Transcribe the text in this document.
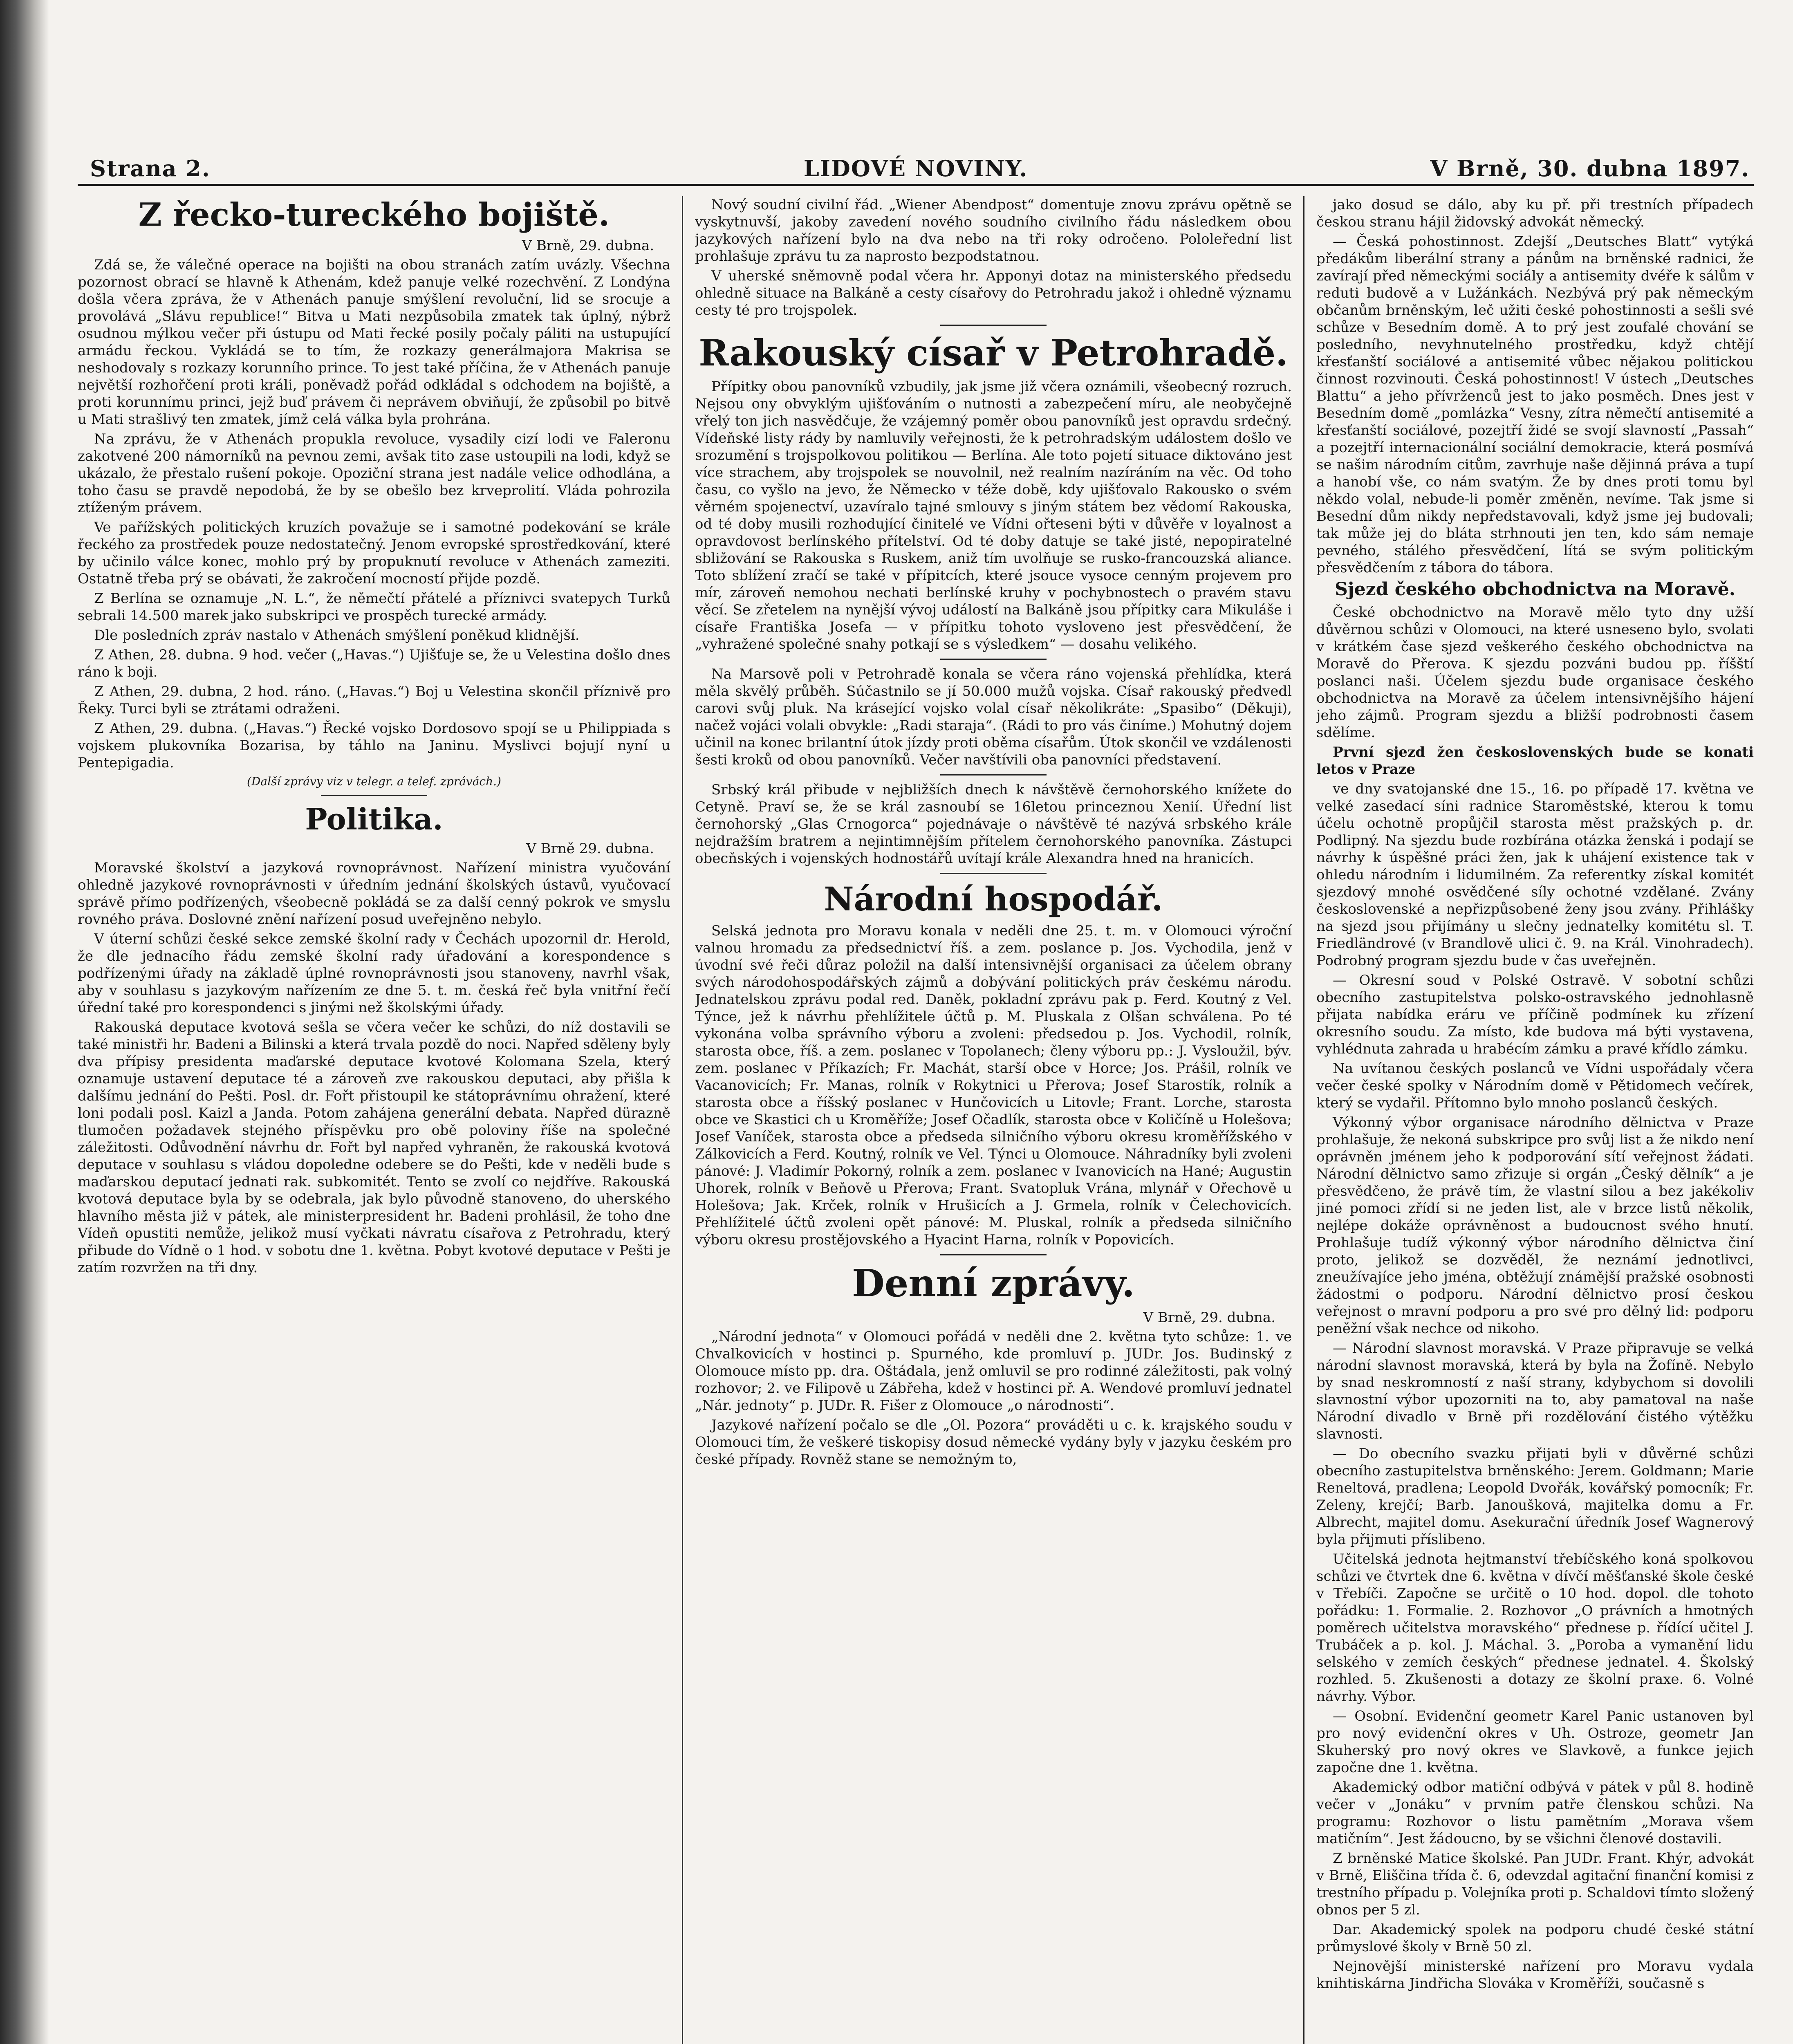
Strana 2.	LIDOVÉ NOVINY.	V Brně, 30. dubna 1897.
Z řecko-tureckého bojiště.
V Brně, 29. dubna.

Zdá se, že válečné operace na bojišti na obou stranách zatím uvázly. Všechna pozornost obrací se hlavně k Athenám, kdež panuje velké rozechvění. Z Londýna došla včera zpráva, že v Athenách panuje smýšlení revoluční, lid se srocuje a provolává „Slávu republice!“ Bitva u Mati nezpůsobila zmatek tak úplný, nýbrž osudnou mýlkou večer při ústupu od Mati řecké posily počaly páliti na ustupující armádu řeckou. Vykládá se to tím, že rozkazy generálmajora Makrisa se neshodovaly s rozkazy korunního prince. To jest také příčina, že v Athenách panuje největší rozhořčení proti králi, poněvadž pořád odkládal s odchodem na bojiště, a proti korunnímu princi, jejž buď právem či neprávem obviňují, že způsobil po bitvě u Mati strašlivý ten zmatek, jímž celá válka byla prohrána.

Na zprávu, že v Athenách propukla revoluce, vysadily cizí lodi ve Faleronu zakotvené 200 námorníků na pevnou zemi, avšak tito zase ustoupili na lodi, když se ukázalo, že přestalo rušení pokoje. Opoziční strana jest nadále velice odhodlána, a toho času se pravdě nepodobá, že by se obešlo bez krveprolití. Vláda pohrozila ztíženým právem.

Ve pařížských politických kruzích považuje se i samotné podekování se krále řeckého za prostředek pouze nedostatečný. Jenom evropské sprostředkování, které by učinilo válce konec, mohlo prý by propuknutí revoluce v Athenách zameziti. Ostatně třeba prý se obávati, že zakročení mocností přijde pozdě.

Z Berlína se oznamuje „N. L.“, že němečtí přátelé a příznivci svatepych Turků sebrali 14.500 marek jako subskripci ve prospěch turecké armády.

Dle posledních zpráv nastalo v Athenách smýšlení poněkud klidnější.

Z Athen, 28. dubna. 9 hod. večer („Havas.“) Ujišťuje se, že u Velestina došlo dnes ráno k boji.

Z Athen, 29. dubna, 2 hod. ráno. („Havas.“) Boj u Velestina skončil příznivě pro Řeky. Turci byli se ztrátami odraženi.

Z Athen, 29. dubna. („Havas.“) Řecké vojsko Dordosovo spojí se u Philippiada s vojskem plukovníka Bozarisa, by táhlo na Janinu. Myslivci bojují nyní u Pentepigadia.

(Další zprávy viz v telegr. a telef. zprávách.)
Politika.
V Brně 29. dubna.

Moravské školství a jazyková rovnoprávnost. Nařízení ministra vyučování ohledně jazykové rovnoprávnosti v úředním jednání školských ústavů, vyučovací správě přímo podřízených, všeobecně pokládá se za další cenný pokrok ve smyslu rovného práva. Doslovné znění nařízení posud uveřejněno nebylo.

V úterní schůzi české sekce zemské školní rady v Čechách upozornil dr. Herold, že dle jednacího řádu zemské školní rady úřadování a korespondence s podřízenými úřady na základě úplné rovnoprávnosti jsou stanoveny, navrhl však, aby v souhlasu s jazykovým nařízením ze dne 5. t. m. česká řeč byla vnitřní řečí úřední také pro korespondenci s jinými než školskými úřady.

Rakouská deputace kvotová sešla se včera večer ke schůzi, do níž dostavili se také ministři hr. Badeni a Bilinski a která trvala pozdě do noci. Napřed sděleny byly dva přípisy presidenta maďarské deputace kvotové Kolomana Szela, který oznamuje ustavení deputace té a zároveň zve rakouskou deputaci, aby přišla k dalšímu jednání do Pešti. Posl. dr. Fořt přistoupil ke státoprávnímu ohražení, které loni podali posl. Kaizl a Janda. Potom zahájena generální debata. Napřed dürazně tlumočen požadavek stejného příspěvku pro obě poloviny říše na společné záležitosti. Odůvodnění návrhu dr. Fořt byl napřed vyhraněn, že rakouská kvotová deputace v souhlasu s vládou dopoledne odebere se do Pešti, kde v neděli bude s maďarskou deputací jednati rak. subkomitét. Tento se zvolí co nejdříve. Rakouská kvotová deputace byla by se odebrala, jak bylo původně stanoveno, do uherského hlavního města již v pátek, ale ministerpresident hr. Badeni prohlásil, že toho dne Vídeň opustiti nemůže, jelikož musí vyčkati návratu císařova z Petrohradu, který přibude do Vídně o 1 hod. v sobotu dne 1. května. Pobyt kvotové deputace v Pešti je zatím rozvržen na tři dny.

Nový soudní civilní řád. „Wiener Abendpost“ domentuje znovu zprávu opětně se vyskytnuvší, jakoby zavedení nového soudního civilního řádu následkem obou jazykových nařízení bylo na dva nebo na tři roky odročeno. Pololeřední list prohlašuje zprávu tu za naprosto bezpodstatnou.

V uherské sněmovně podal včera hr. Apponyi dotaz na ministerského předsedu ohledně situace na Balkáně a cesty císařovy do Petrohradu jakož i ohledně významu cesty té pro trojspolek.

Rakouský císař v Petrohradě.

Přípitky obou panovníků vzbudily, jak jsme již včera oznámili, všeobecný rozruch. Nejsou ony obvyklým ujišťováním o nutnosti a zabezpečení míru, ale neobyčejně vřelý ton jich nasvědčuje, že vzájemný poměr obou panovníků jest opravdu srdečný. Vídeňské listy rády by namluvily veřejnosti, že k petrohradským událostem došlo ve srozumění s trojspolkovou politikou — Berlína. Ale toto pojetí situace diktováno jest více strachem, aby trojspolek se nouvolnil, než realním nazíráním na věc. Od toho času, co vyšlo na jevo, že Německo v téže době, kdy ujišťovalo Rakousko o svém věrném spojenectví, uzavíralo tajné smlouvy s jiným státem bez vědomí Rakouska, od té doby musili rozhodující činitelé ve Vídni ořteseni býti v důvěře v loyalnost a opravdovost berlínského přítelství. Od té doby datuje se také jisté, nepopiratelné sbližování se Rakouska s Ruskem, aniž tím uvolňuje se rusko-francouzská aliance. Toto sblížení zračí se také v přípitcích, které jsouce vysoce cenným projevem pro mír, zároveň nemohou nechati berlínské kruhy v pochybnostech o pravém stavu věcí. Se zřetelem na nynější vývoj událostí na Balkáně jsou přípitky cara Mikuláše i císaře Františka Josefa — v přípitku tohoto vysloveno jest přesvědčení, že „vyhražené společné snahy potkají se s výsledkem“ — dosahu velikého.

Na Marsově poli v Petrohradě konala se včera ráno vojenská přehlídka, která měla skvělý průběh. Súčastnilo se jí 50.000 mužů vojska. Císař rakouský předvedl carovi svůj pluk. Na krásející vojsko volal císař několikráte: „Spasibo“ (Děkuji), načež vojáci volali obvykle: „Radi starajа“. (Rádi to pro vás činíme.) Mohutný dojem učinil na konec brilantní útok jízdy proti oběma císařům. Útok skončil ve vzdálenosti šesti kroků od obou panovníků. Večer navštívili oba panovníci představení.

Srbský král přibude v nejbližších dnech k návštěvě černohorského knížete do Cetyně. Praví se, že se král zasnoubí se 16letou princeznou Xenií. Úřední list černohorský „Glas Crnogorca“ pojednávaje o návštěvě té nazývá srbského krále nejdražším bratrem a nejintimnějším přítelem černohorského panovníka. Zástupci obecňských i vojenských hodnostářů uvítají krále Alexandra hned na hranicích.

Národní hospodář.

Selská jednota pro Moravu konala v neděli dne 25. t. m. v Olomouci výroční valnou hromadu za předsednictví říš. a zem. poslance p. Jos. Vychodila, jenž v úvodní své řeči důraz položil na další intensivnější organisaci za účelem obrany svých národohospodářských zájmů a dobývání politických práv českému národu. Jednatelskou zprávu podal red. Daněk, pokladní zprávu pak p. Ferd. Koutný z Vel. Týnce, jež k návrhu přehlížitele účtů p. M. Pluskala z Olšan schválena. Po té vykonána volba správního výboru a zvoleni: předsedou p. Jos. Vychodil, rolník, starosta obce, říš. a zem. poslanec v Topolanech; členy výboru pp.: J. Vysloužil, býv. zem. poslanec v Příkazích; Fr. Machát, starší obce v Horce; Jos. Prášil, rolník ve Vacanovicích; Fr. Manas, rolník v Rokytnici u Přerova; Josef Starostík, rolník a starosta obce a říšský poslanec v Hunčovicích u Litovle; Frant. Lorche, starosta obce ve Skastici ch u Kroměříže; Josef Očadlík, starosta obce v Količíně u Holešova; Josef Vaníček, starosta obce a předseda silničního výboru okresu kroměřížského v Zálkovicích a Ferd. Koutný, rolník ve Vel. Týnci u Olomouce. Náhradníky byli zvoleni pánové: J. Vladimír Pokorný, rolník a zem. poslanec v Ivanovicích na Hané; Augustin Uhorek, rolník v Beňově u Přerova; Frant. Svatopluk Vrána, mlynář v Ořechově u Holešova; Jak. Krček, rolník v Hrušicích a J. Grmela, rolník v Čelechovicích. Přehlížitelé účtů zvoleni opět pánové: M. Pluskal, rolník a předseda silničního výboru okresu prostějovského a Hyacint Harna, rolník v Popovicích.

Denní zprávy.
V Brně, 29. dubna.

„Národní jednota“ v Olomouci pořádá v neděli dne 2. května tyto schůze: 1. ve Chvalkovicích v hostinci p. Spurného, kde promluví p. JUDr. Jos. Budinský z Olomouce místo pp. dra. Oštádala, jenž omluvil se pro rodinné záležitosti, pak volný rozhovor; 2. ve Filipově u Zábřeha, kdež v hostinci př. A. Wendové promluví jednatel „Nár. jednoty“ p. JUDr. R. Fišer z Olomouce „o národnosti“.

Jazykové nařízení počalo se dle „Ol. Pozora“ prováděti u c. k. krajského soudu v Olomouci tím, že veškeré tiskopisy dosud německé vydány byly v jazyku českém pro české případy. Rovněž stane se nemožným to,

jako dosud se dálo, aby ku př. při trestních případech českou stranu hájil židovský advokát německý.

— Česká pohostinnost. Zdejší „Deutsches Blatt“ vytýká předákům liberální strany a pánům na brněnské radnici, že zavírají před německými sociály a antisemity dvéře k sálům v reduti budově a v Lužánkách. Nezbývá prý pak německým občanům brněnským, leč užiti české pohostinnosti a sešli své schůze v Besedním domě. A to prý jest zoufalé chování se posledního, nevyhnutelného prostředku, když chtějí křesťanští sociálové a antisemité vůbec nějakou politickou činnost rozvinouti. Česká pohostinnost! V ústech „Deutsches Blattu“ a jeho přívrženců jest to jako posměch. Dnes jest v Besedním domě „pomlázka“ Vesny, zítra němečtí antisemité a křesťanští sociálové, pozejtří židé se svojí slavností „Passah“ a pozejtří internacionální sociální demokracie, která posmívá se našim národním citům, zavrhuje naše dějinná práva a tupí a hanobí vše, co nám svatým. Že by dnes proti tomu byl někdo volal, nebude-li poměr změněn, nevíme. Tak jsme si Besední dům nikdy nepředstavovali, když jsme jej budovali; tak může jej do bláta strhnouti jen ten, kdo sám nemaje pevného, stálého přesvědčení, lítá se svým politickým přesvědčením z tábora do tábora.

Sjezd českého obchodnictva na Moravě.

České obchodnictvo na Moravě mělo tyto dny užší důvěrnou schůzi v Olomouci, na které usneseno bylo, svolati v krátkém čase sjezd veškerého českého obchodnictva na Moravě do Přerova. K sjezdu pozváni budou pp. říšští poslanci naši. Účelem sjezdu bude organisace českého obchodnictva na Moravě za účelem intensivnějšího hájení jeho zájmů. Program sjezdu a bližší podrobnosti časem sdělíme.

První sjezd žen československých bude se konati letos v Praze

ve dny svatojanské dne 15., 16. po případě 17. května ve velké zasedací síni radnice Staroměstské, kterou k tomu účelu ochotně propůjčil starosta měst pražských p. dr. Podlipný. Na sjezdu bude rozbírána otázka ženská i podají se návrhy k úspěšné práci žen, jak k uhájení existence tak v ohledu národním i lidumilném. Za referentky získal komitét sjezdový mnohé osvědčené síly ochotné vzdělané. Zvány československé a nepřizpůsobené ženy jsou zvány. Přihlášky na sjezd jsou přijímány u slečny jednatelky komitétu sl. T. Friedländrové (v Brandlově ulici č. 9. na Král. Vinohradech). Podrobný program sjezdu bude v čas uveřejněn.

— Okresní soud v Polské Ostravě. V sobotní schůzi obecního zastupitelstva polsko-ostravského jednohlasně přijata nabídka eráru ve příčině podmínek ku zřízení okresního soudu. Za místo, kde budova má býti vystavena, vyhlédnuta zahrada u hrabécím zámku a pravé křídlo zámku.

Na uvítanou českých poslanců ve Vídni uspořádaly včera večer české spolky v Národním domě v Pětidomech večírek, který se vydařil. Přítomno bylo mnoho poslanců českých.

Výkonný výbor organisace národního dělnictva v Praze prohlašuje, že nekoná subskripce pro svůj list a že nikdo není oprávněn jménem jeho k podporování sítí veřejnost žádati. Národní dělnictvo samo zřizuje si orgán „Český dělník“ a je přesvědčeno, že právě tím, že vlastní silou a bez jakékoliv jiné pomoci zřídí si ne jeden list, ale v brzce listů několik, nejlépe dokáže oprávněnost a budoucnost svého hnutí. Prohlašuje tudíž výkonný výbor národního dělnictva činí proto, jelikož se dozvěděl, že neznámí jednotlivci, zneužívajíce jeho jména, obtěžují známější pražské osobnosti žádostmi o podporu. Národní dělnictvo prosí českou veřejnost o mravní podporu a pro své pro dělný lid: podporu peněžní však nechce od nikoho.

— Národní slavnost moravská. V Praze připravuje se velká národní slavnost moravská, která by byla na Žofíně. Nebylo by snad neskromností z naší strany, kdybychom si dovolili slavnostní výbor upozorniti na to, aby pamatoval na naše Národní divadlo v Brně při rozdělování čistého výtěžku slavnosti.

— Do obecního svazku přijati byli v důvěrné schůzi obecního zastupitelstva brněnského: Jerem. Goldmann; Marie Reneltová, pradlena; Leopold Dvořák, kovářský pomocník; Fr. Zeleny, krejčí; Barb. Janoušková, majitelka domu a Fr. Albrecht, majitel domu. Asekurační úředník Josef Wagnerový byla přijmuti příslibeno.

Učitelská jednota hejtmanství třebíčského koná spolkovou schůzi ve čtvrtek dne 6. května v dívčí měšťanské škole české v Třebíči. Započne se určitě o 10 hod. dopol. dle tohoto pořádku: 1. Formalie. 2. Rozhovor „O právních a hmotných poměrech učitelstva moravského“ přednese p. řídící učitel J. Trubáček a p. kol. J. Máchal. 3. „Poroba a vymanění lidu selského v zemích českých“ přednese jednatel. 4. Školský rozhled. 5. Zkušenosti a dotazy ze školní praxe. 6. Volné návrhy. Výbor.

— Osobní. Evidenční geometr Karel Panic ustanoven byl pro nový evidenční okres v Uh. Ostroze, geometr Jan Skuherský pro nový okres ve Slavkově, a funkce jejich započne dne 1. května.

Akademický odbor matiční odbývá v pátek v půl 8. hodině večer v „Jonáku“ v prvním patře členskou schůzi. Na programu: Rozhovor o listu pamětním „Morava všem matičním“. Jest žádoucno, by se všichni členové dostavili.

Z brněnské Matice školské. Pan JUDr. Frant. Khýr, advokát v Brně, Eliščina třída č. 6, odevzdal agitační finanční komisi z trestního případu p. Volejníka proti p. Schaldovi tímto složený obnos per 5 zl.

Dar. Akademický spolek na podporu chudé české státní průmyslové školy v Brně 50 zl.

Nejnovější ministerské nařízení pro Moravu vydala knihtiskárna Jindřicha Slováka v Kroměříži, současně s
